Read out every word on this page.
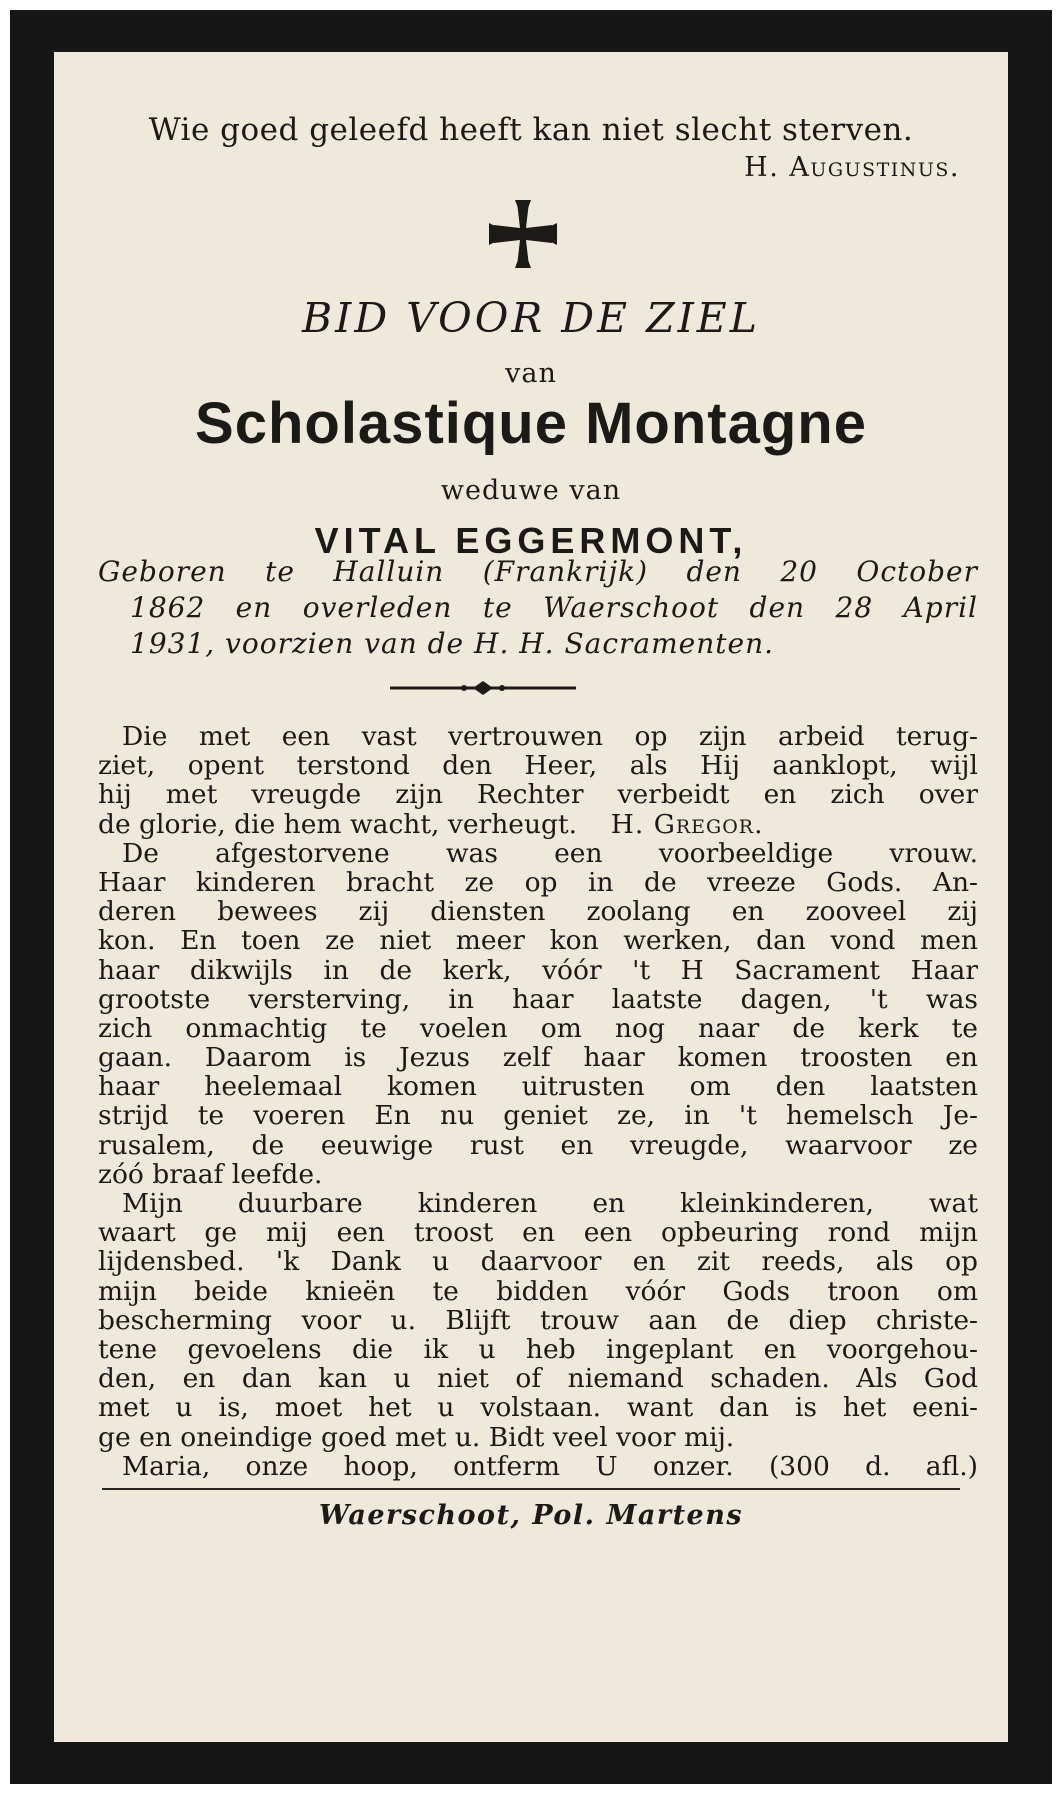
Wie goed geleefd heeft kan niet slecht sterven.
H. Augustinus.
BID VOOR DE ZIEL
van
Scholastique Montagne
weduwe van
VITAL EGGERMONT,
Geboren te Halluin (Frankrijk) den 20 October
1862 en overleden te Waerschoot den 28 April
1931, voorzien van de H. H. Sacramenten.
Die met een vast vertrouwen op zijn arbeid terug-
ziet, opent terstond den Heer, als Hij aanklopt, wijl
hij met vreugde zijn Rechter verbeidt en zich over
de glorie, die hem wacht, verheugt. H. Gregor.
De afgestorvene was een voorbeeldige vrouw.
Haar kinderen bracht ze op in de vreeze Gods. An-
deren bewees zij diensten zoolang en zooveel zij
kon. En toen ze niet meer kon werken, dan vond men
haar dikwijls in de kerk, vóór 't H Sacrament Haar
grootste versterving, in haar laatste dagen, 't was
zich onmachtig te voelen om nog naar de kerk te
gaan. Daarom is Jezus zelf haar komen troosten en
haar heelemaal komen uitrusten om den laatsten
strijd te voeren En nu geniet ze, in 't hemelsch Je-
rusalem, de eeuwige rust en vreugde, waarvoor ze
zóó braaf leefde.
Mijn duurbare kinderen en kleinkinderen, wat
waart ge mij een troost en een opbeuring rond mijn
lijdensbed. 'k Dank u daarvoor en zit reeds, als op
mijn beide knieën te bidden vóór Gods troon om
bescherming voor u. Blijft trouw aan de diep christe-
tene gevoelens die ik u heb ingeplant en voorgehou-
den, en dan kan u niet of niemand schaden. Als God
met u is, moet het u volstaan. want dan is het eeni-
ge en oneindige goed met u. Bidt veel voor mij.
Maria, onze hoop, ontferm U onzer. (300 d. afl.)
Waerschoot, Pol. Martens
